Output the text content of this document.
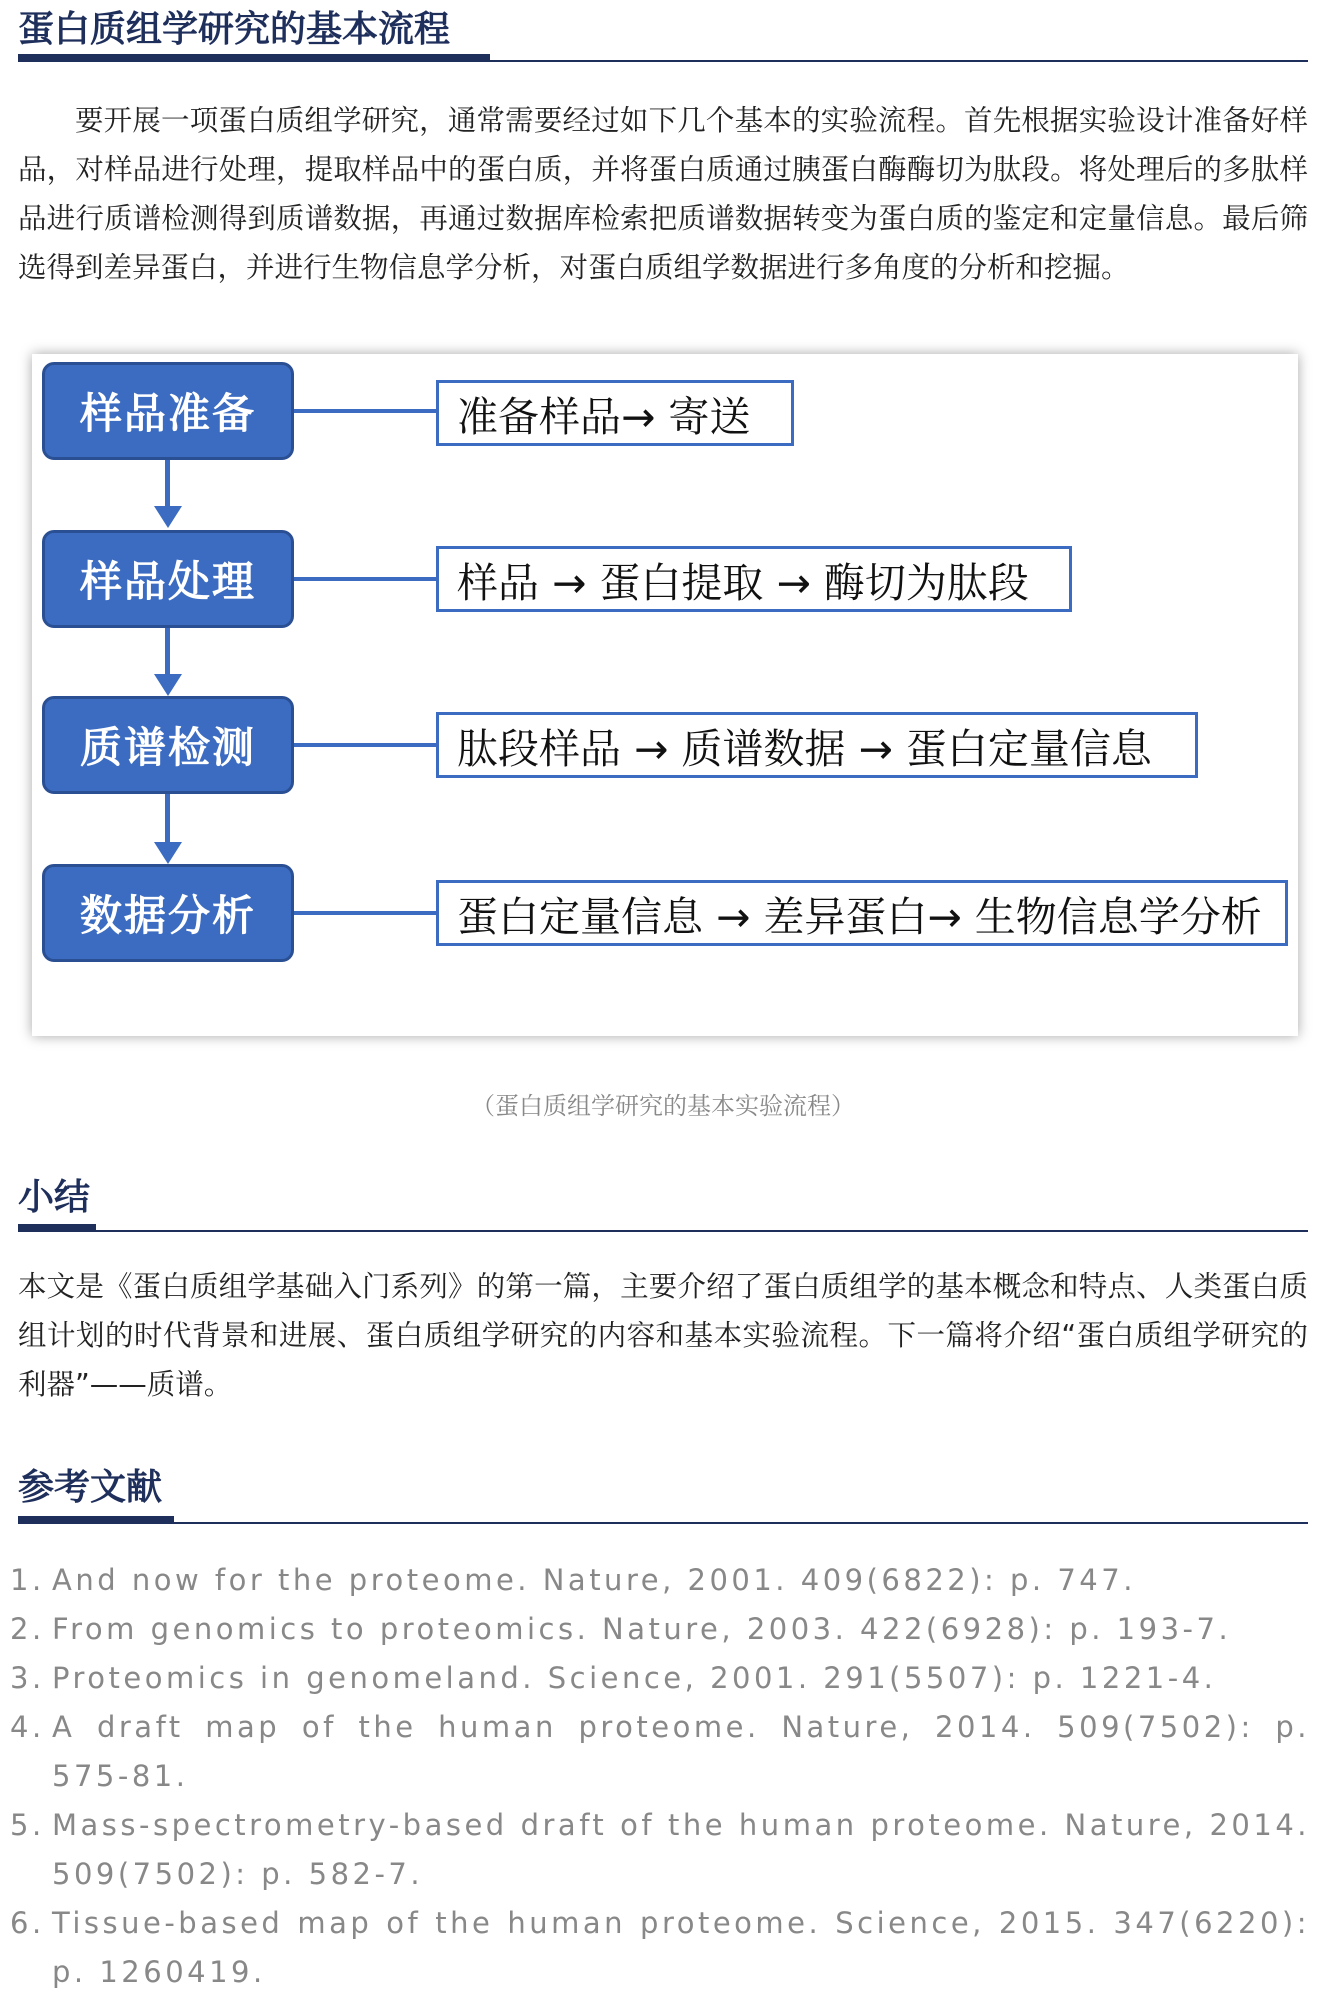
蛋白质组学研究的基本流程

要开展一项蛋白质组学研究，通常需要经过如下几个基本的实验流程。首先根据实验设计准备好样品，对样品进行处理，提取样品中的蛋白质，并将蛋白质通过胰蛋白酶酶切为肽段。将处理后的多肽样品进行质谱检测得到质谱数据，再通过数据库检索把质谱数据转变为蛋白质的鉴定和定量信息。最后筛选得到差异蛋白，并进行生物信息学分析，对蛋白质组学数据进行多角度的分析和挖掘。

样品准备	准备样品→ 寄送
样品处理	样品 → 蛋白提取 → 酶切为肽段
质谱检测	肽段样品 → 质谱数据 → 蛋白定量信息
数据分析	蛋白定量信息 → 差异蛋白→ 生物信息学分析
（蛋白质组学研究的基本实验流程）
小结

本文是《蛋白质组学基础入门系列》的第一篇，主要介绍了蛋白质组学的基本概念和特点、人类蛋白质组计划的时代背景和进展、蛋白质组学研究的内容和基本实验流程。下一篇将介绍“蛋白质组学研究的利器”——质谱。

参考文献
1. And now for the proteome. Nature, 2001. 409(6822): p. 747.
2. From genomics to proteomics. Nature, 2003. 422(6928): p. 193-7.
3. Proteomics in genomeland. Science, 2001. 291(5507): p. 1221-4.
4. A draft map of the human proteome. Nature, 2014. 509(7502): p. 575-81.
5. Mass-spectrometry-based draft of the human proteome. Nature, 2014. 509(7502): p. 582-7.
6. Tissue-based map of the human proteome. Science, 2015. 347(6220): p. 1260419.
